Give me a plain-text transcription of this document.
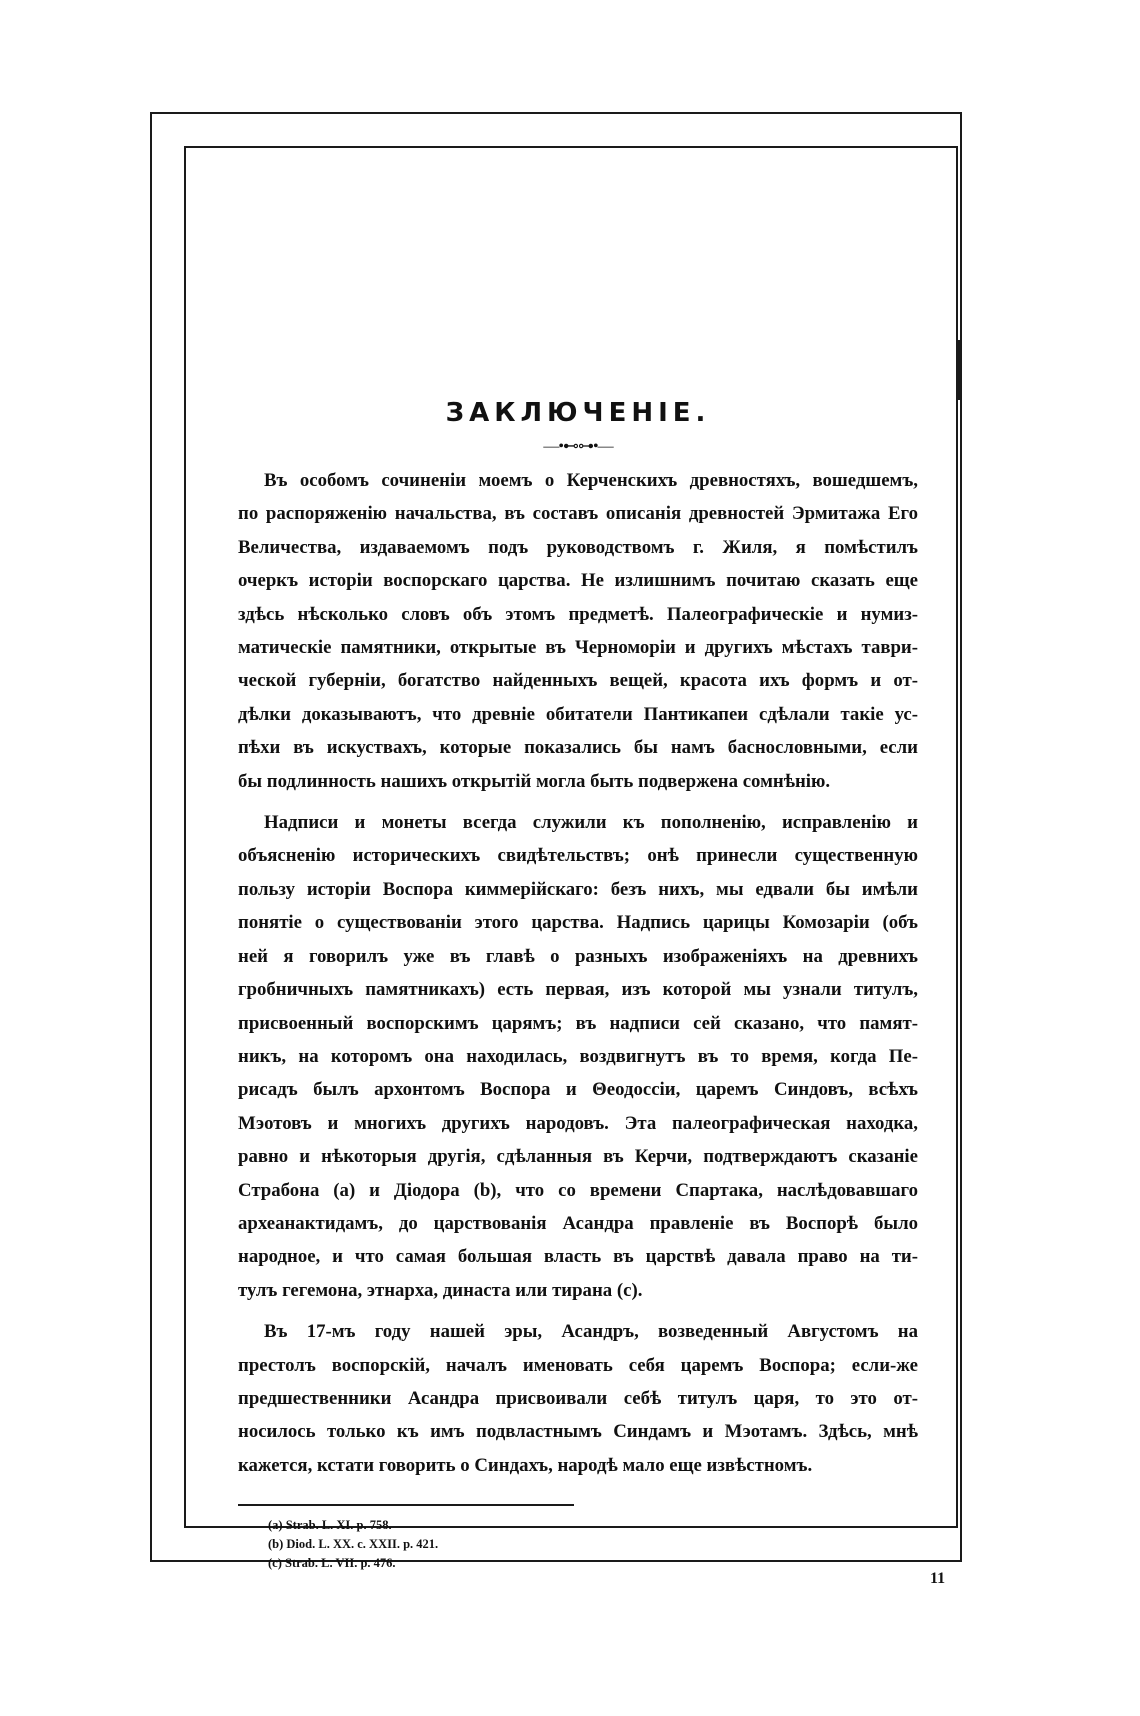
ЗАКЛЮЧЕНІЕ.
—•⊷⊶•—

Въ особомъ сочиненіи моемъ о Керченскихъ древностяхъ, вошедшемъ,
по распоряженію начальства, въ составъ описанія древностей Эрмитажа Его
Величества, издаваемомъ подъ руководствомъ г. Жиля, я помѣстилъ
очеркъ исторіи воспорскаго царства. Не излишнимъ почитаю сказать еще
здѣсь нѣсколько словъ объ этомъ предметѣ. Палеографическіе и нумиз-
матическіе памятники, открытые въ Черноморіи и другихъ мѣстахъ таври-
ческой губерніи, богатство найденныхъ вещей, красота ихъ формъ и от-
дѣлки доказываютъ, что древніе обитатели Пантикапеи сдѣлали такіе ус-
пѣхи въ искуствахъ, которые показались бы намъ баснословными, если
бы подлинность нашихъ открытій могла быть подвержена сомнѣнію.

Надписи и монеты всегда служили къ пополненію, исправленію и
объясненію историческихъ свидѣтельствъ; онѣ принесли существенную
пользу исторіи Воспора киммерійскаго: безъ нихъ, мы едвали бы имѣли
понятіе о существованіи этого царства. Надпись царицы Комозаріи (объ
ней я говорилъ уже въ главѣ о разныхъ изображеніяхъ на древнихъ
гробничныхъ памятникахъ) есть первая, изъ которой мы узнали титулъ,
присвоенный воспорскимъ царямъ; въ надписи сей сказано, что памят-
никъ, на которомъ она находилась, воздвигнутъ въ то время, когда Пе-
рисадъ былъ архонтомъ Воспора и Θеодоссіи, царемъ Синдовъ, всѣхъ
Мэотовъ и многихъ другихъ народовъ. Эта палеографическая находка,
равно и нѣкоторыя другія, сдѣланныя въ Керчи, подтверждаютъ сказаніе
Страбона (a) и Діодора (b), что со времени Спартака, наслѣдовавшаго
археанактидамъ, до царствованія Асандра правленіе въ Воспорѣ было
народное, и что самая большая власть въ царствѣ давала право на ти-
тулъ гегемона, этнарха, династа или тирана (c).

Въ 17-мъ году нашей эры, Асандръ, возведенный Августомъ на
престолъ воспорскій, началъ именовать себя царемъ Воспора; если-же
предшественники Асандра присвоивали себѣ титулъ царя, то это от-
носилось только къ имъ подвластнымъ Синдамъ и Мэотамъ. Здѣсь, мнѣ
кажется, кстати говорить о Синдахъ, народѣ мало еще извѣстномъ.

(a) Strab. L. XI. p. 758.
(b) Diod. L. XX. c. XXII. p. 421.
(c) Strab. L. VII. p. 476.
11
